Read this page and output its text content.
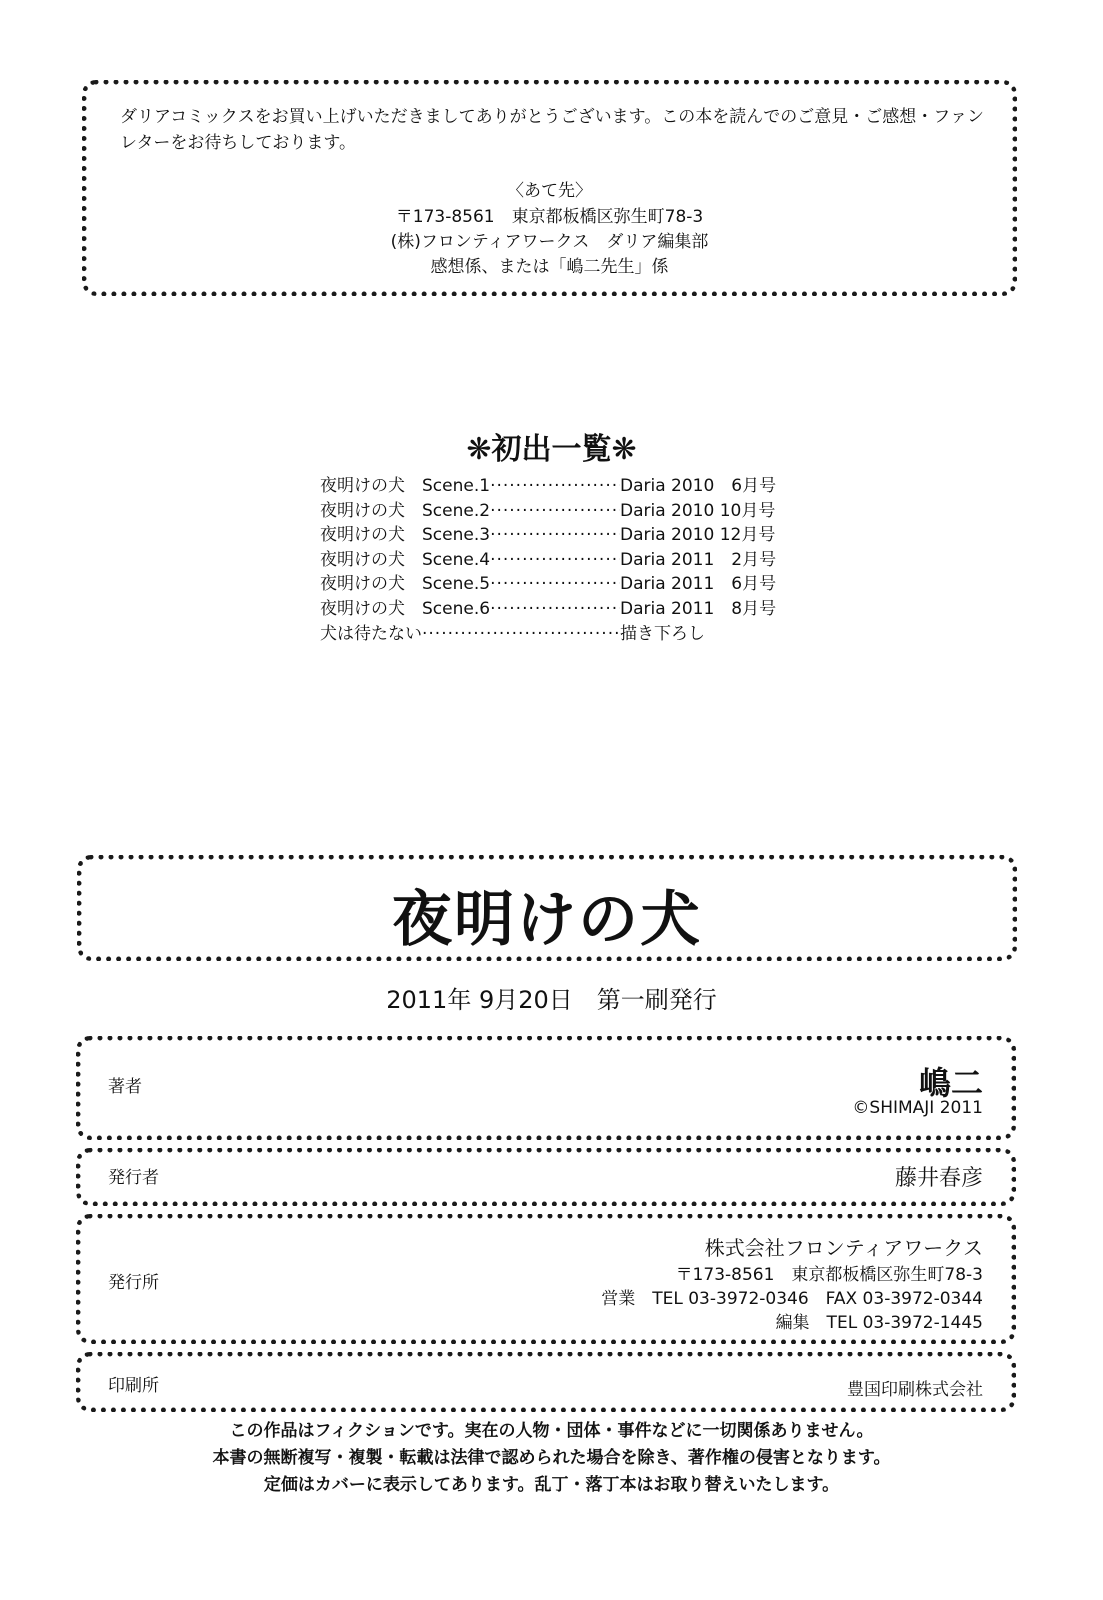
ダリアコミックスをお買い上げいただきましてありがとうございます。この本を読んでのご意見・ご感想・ファンレターをお待ちしております。
〈あて先〉
〒173-8561　東京都板橋区弥生町78-3
(株)フロンティアワークス　ダリア編集部
感想係、または「嶋二先生」係
❋初出一覧❋
夜明けの犬 Scene.1 ·····	Daria 2010　6月号
夜明けの犬 Scene.2 ·····	Daria 2010 10月号
夜明けの犬 Scene.3 ·····	Daria 2010 12月号
夜明けの犬 Scene.4 ·····	Daria 2011　2月号
夜明けの犬 Scene.5 ·····	Daria 2011　6月号
夜明けの犬 Scene.6 ·····	Daria 2011　8月号
犬は待たない ·····	描き下ろし
夜明けの犬
2011年 9月20日　第一刷発行
著者	嶋二
©SHIMAJI 2011
発行者	藤井春彦
発行所
株式会社フロンティアワークス
〒173-8561　東京都板橋区弥生町78-3
営業　TEL 03-3972-0346　FAX 03-3972-0344
編集　TEL 03-3972-1445
印刷所	豊国印刷株式会社
この作品はフィクションです。実在の人物・団体・事件などに一切関係ありません。
本書の無断複写・複製・転載は法律で認められた場合を除き、著作権の侵害となります。
定価はカバーに表示してあります。乱丁・落丁本はお取り替えいたします。
